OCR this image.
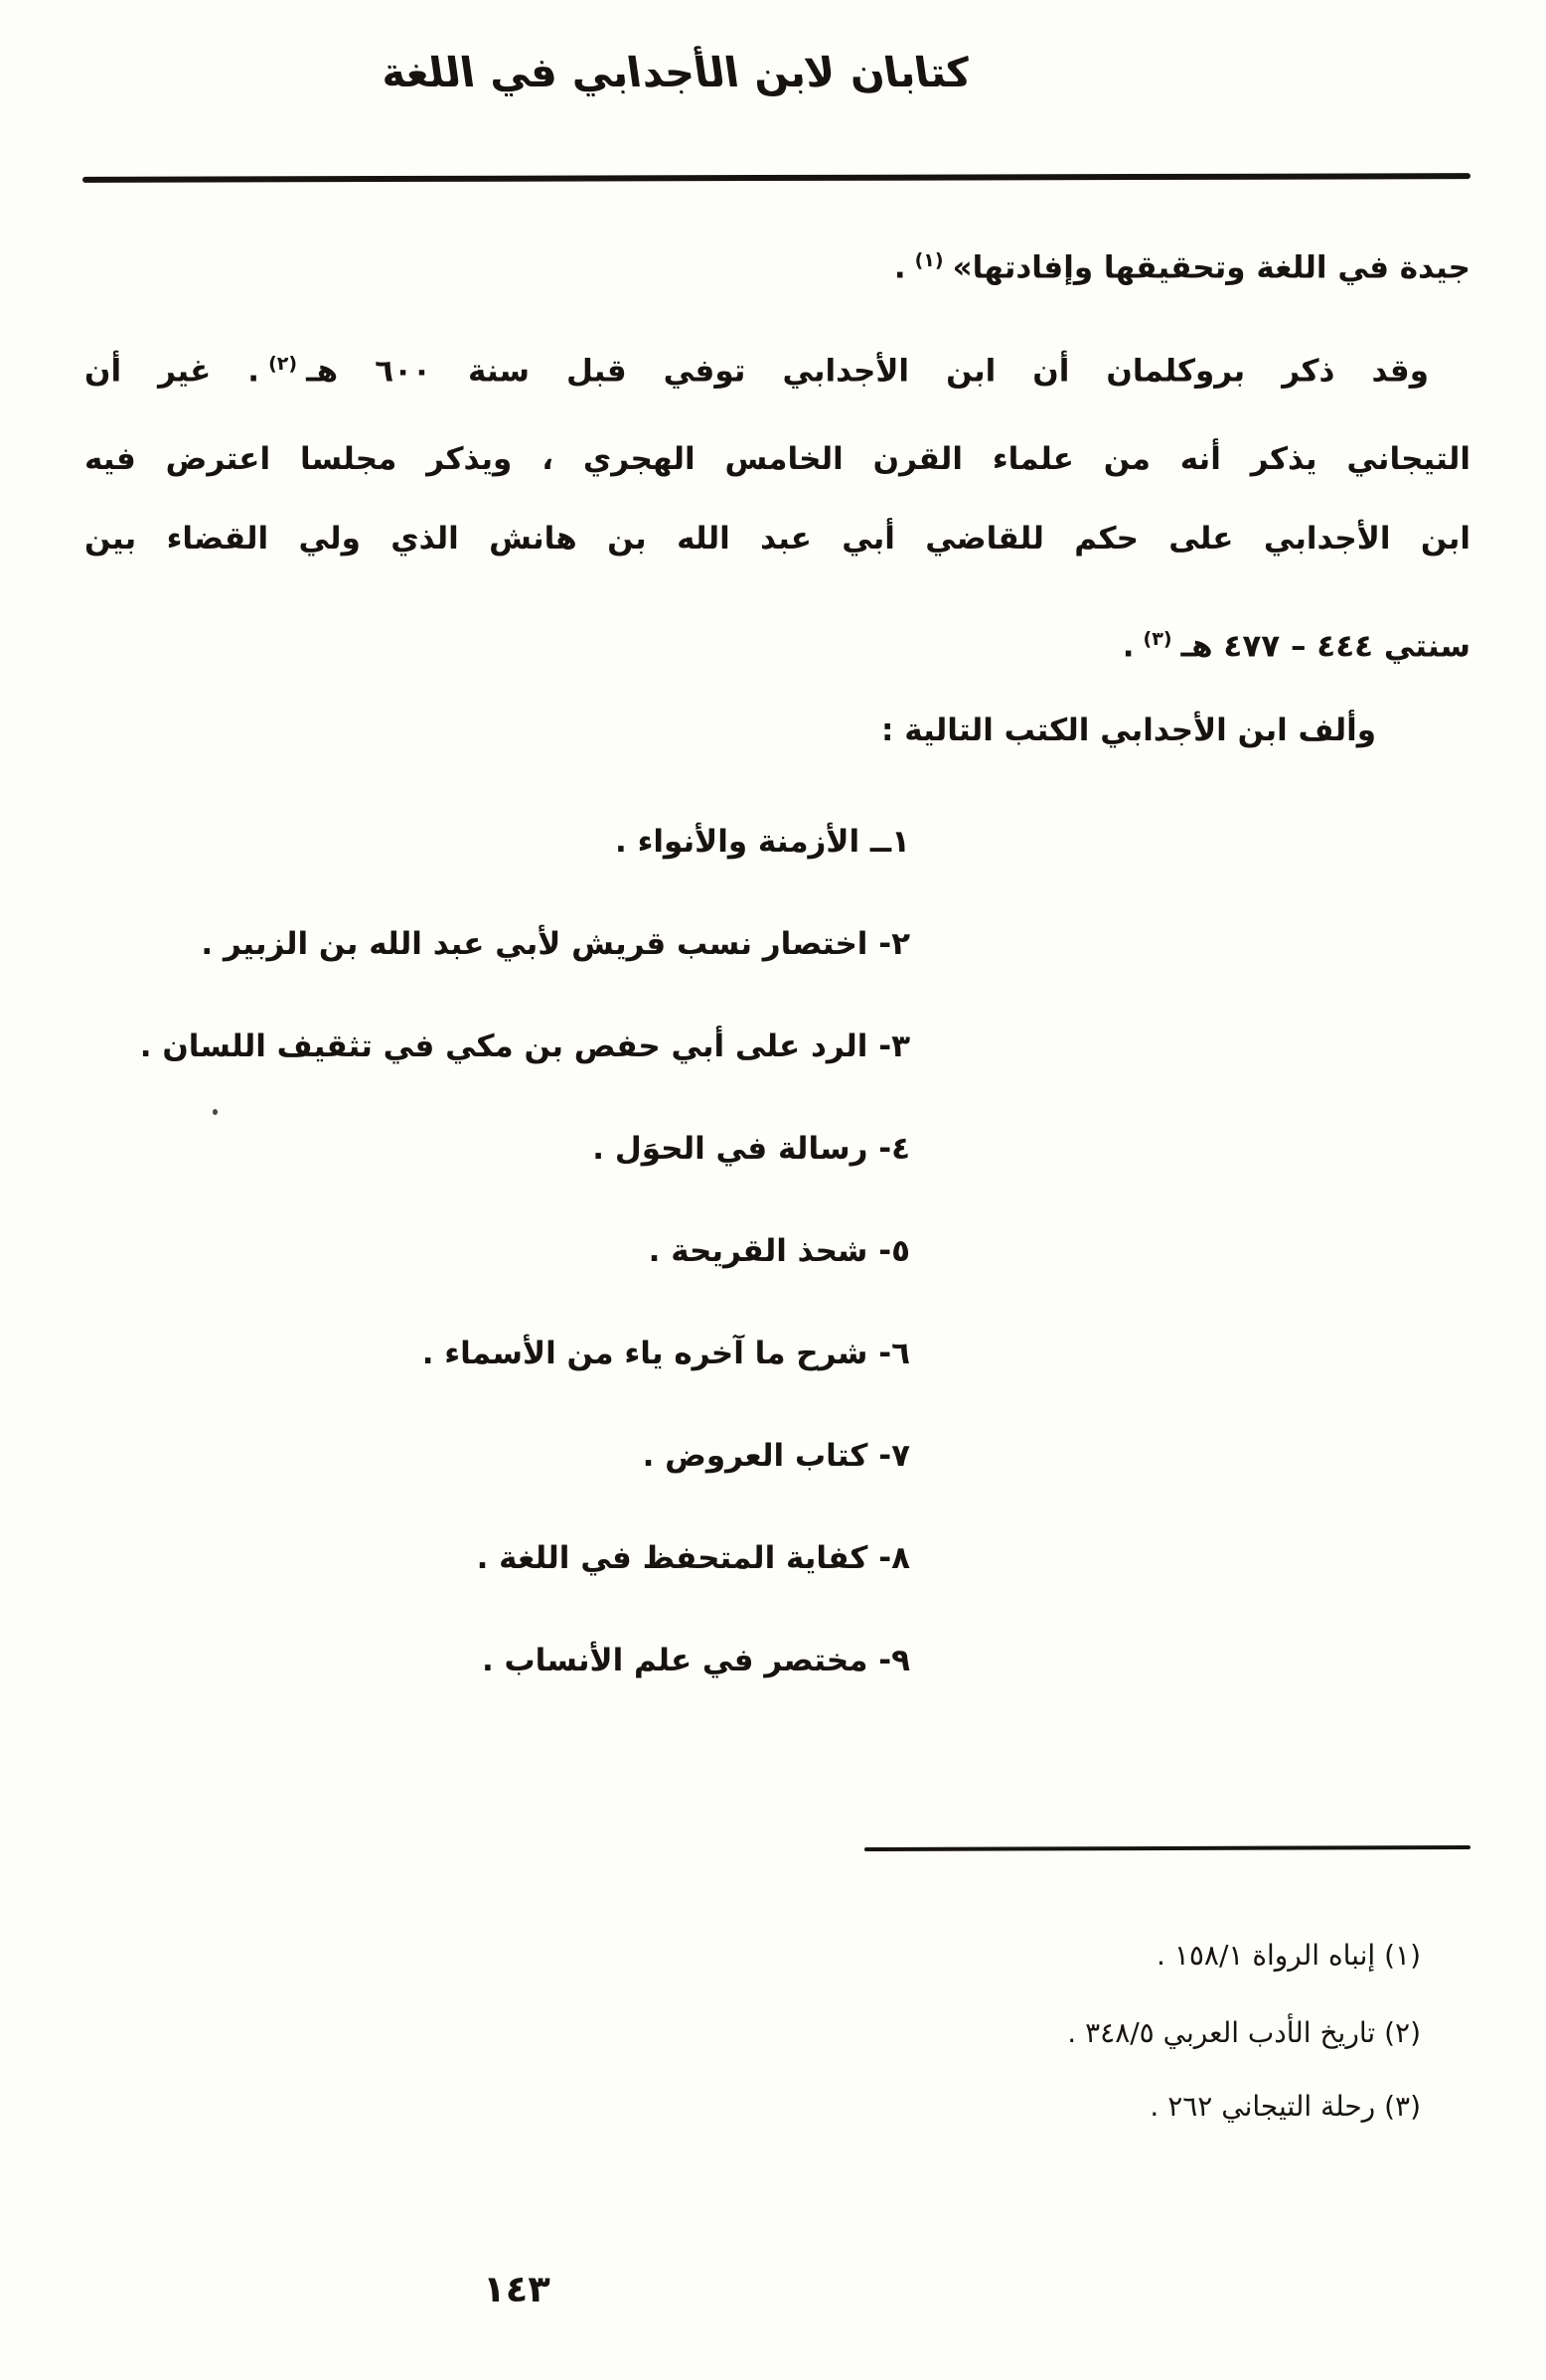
كتابان لابن الأجدابي في اللغة
جيدة في اللغة وتحقيقها وإفادتها»$^{(١)}$.
وقد ذكر بروكلمان أن ابن الأجدابي توفي قبل سنة ٦٠٠ هـ$^{(٢)}$. غير أن
التيجاني يذكر أنه من علماء القرن الخامس الهجري ، ويذكر مجلسا اعترض فيه
ابن الأجدابي على حكم للقاضي أبي عبد الله بن هانش الذي ولي القضاء بين
سنتي ٤٤٤ – ٤٧٧ هـ$^{(٣)}$.
وألف ابن الأجدابي الكتب التالية :
١ــ الأزمنة والأنواء .
٢- اختصار نسب قريش لأبي عبد الله بن الزبير .
٣- الرد على أبي حفص بن مكي في تثقيف اللسان .
٤- رسالة في الحوَل .
٥- شحذ القريحة .
٦- شرح ما آخره ياء من الأسماء .
٧- كتاب العروض .
٨- كفاية المتحفظ في اللغة .
٩- مختصر في علم الأنساب .
(١) إنباه الرواة ١٥٨/١ .
(٢) تاريخ الأدب العربي ٣٤٨/٥ .
(٣) رحلة التيجاني ٢٦٢ .
١٤٣
